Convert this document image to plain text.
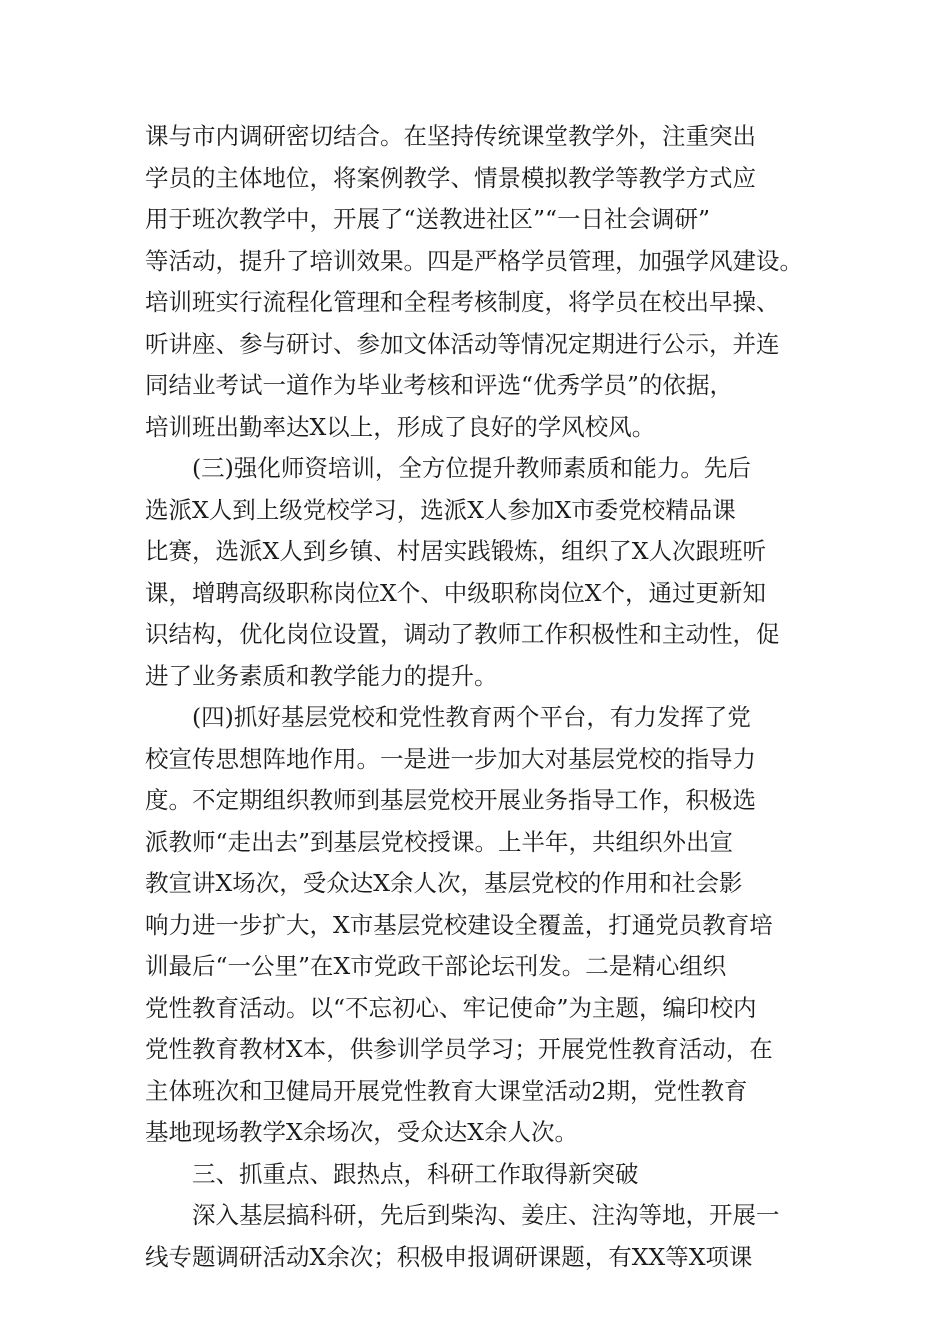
课与市内调研密切结合。在坚持传统课堂教学外，注重突出
学员的主体地位，将案例教学、情景模拟教学等教学方式应
用于班次教学中，开展了“送教进社区”“一日社会调研”
等活动，提升了培训效果。四是严格学员管理，加强学风建设。
培训班实行流程化管理和全程考核制度，将学员在校出早操、
听讲座、参与研讨、参加文体活动等情况定期进行公示，并连
同结业考试一道作为毕业考核和评选“优秀学员”的依据，
培训班出勤率达X以上，形成了良好的学风校风。
(三)强化师资培训，全方位提升教师素质和能力。先后
选派X人到上级党校学习，选派X人参加X市委党校精品课
比赛，选派X人到乡镇、村居实践锻炼，组织了X人次跟班听
课，增聘高级职称岗位X个、中级职称岗位X个，通过更新知
识结构，优化岗位设置，调动了教师工作积极性和主动性，促
进了业务素质和教学能力的提升。
(四)抓好基层党校和党性教育两个平台，有力发挥了党
校宣传思想阵地作用。一是进一步加大对基层党校的指导力
度。不定期组织教师到基层党校开展业务指导工作，积极选
派教师“走出去”到基层党校授课。上半年，共组织外出宣
教宣讲X场次，受众达X余人次，基层党校的作用和社会影
响力进一步扩大，X市基层党校建设全覆盖，打通党员教育培
训最后“一公里”在X市党政干部论坛刊发。二是精心组织
党性教育活动。以“不忘初心、牢记使命”为主题，编印校内
党性教育教材X本，供参训学员学习；开展党性教育活动，在
主体班次和卫健局开展党性教育大课堂活动2期，党性教育
基地现场教学X余场次，受众达X余人次。
三、抓重点、跟热点，科研工作取得新突破
深入基层搞科研，先后到柴沟、姜庄、注沟等地，开展一
线专题调研活动X余次；积极申报调研课题，有XX等X项课
